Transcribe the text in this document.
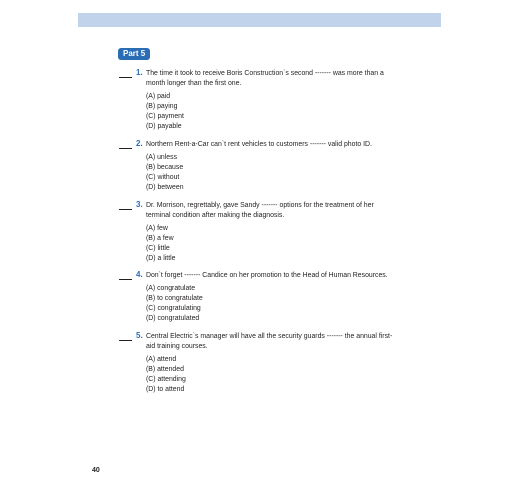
Part 5
1. The time it took to receive Boris Construction`s second ------- was more than a month longer than the first one.
(A) paid
(B) paying
(C) payment
(D) payable
2. Northern Rent-a-Car can`t rent vehicles to customers ------- valid photo ID.
(A) unless
(B) because
(C) without
(D) between
3. Dr. Morrison, regrettably, gave Sandy ------- options for the treatment of her terminal condition after making the diagnosis.
(A) few
(B) a few
(C) little
(D) a little
4. Don`t forget ------- Candice on her promotion to the Head of Human Resources.
(A) congratulate
(B) to congratulate
(C) congratulating
(D) congratulated
5. Central Electric`s manager will have all the security guards ------- the annual first-aid training courses.
(A) attend
(B) attended
(C) attending
(D) to attend
40
